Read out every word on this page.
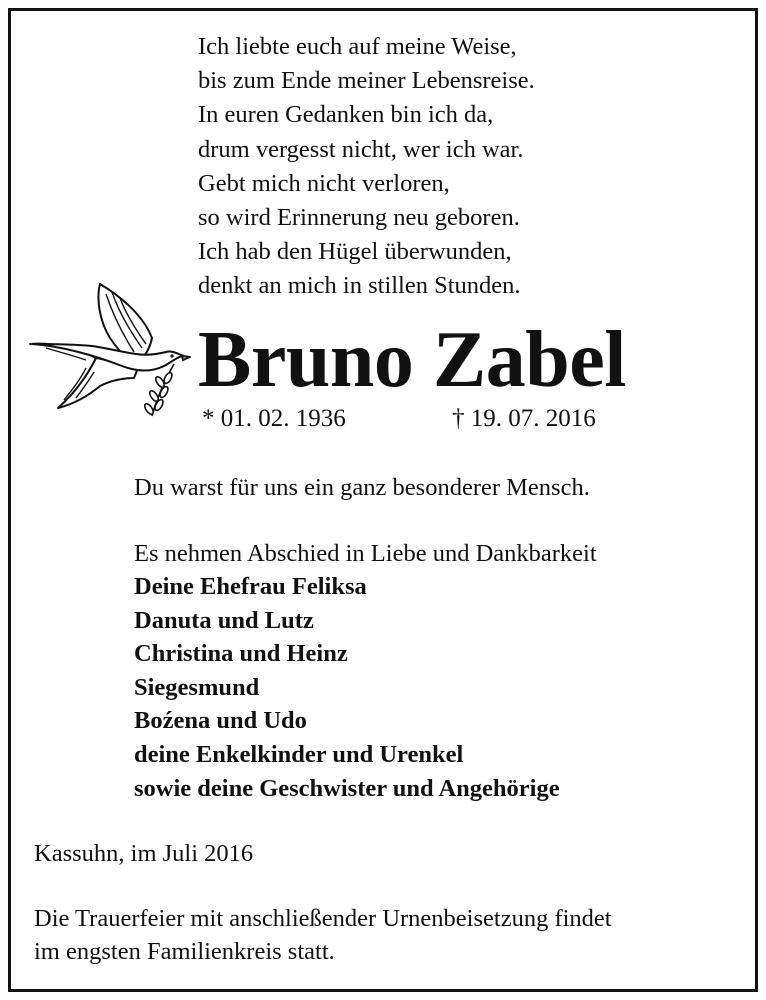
Ich liebte euch auf meine Weise,
bis zum Ende meiner Lebensreise.
In euren Gedanken bin ich da,
drum vergesst nicht, wer ich war.
Gebt mich nicht verloren,
so wird Erinnerung neu geboren.
Ich hab den Hügel überwunden,
denkt an mich in stillen Stunden.
Bruno Zabel
* 01. 02. 1936	† 19. 07. 2016
Du warst für uns ein ganz besonderer Mensch.
Es nehmen Abschied in Liebe und Dankbarkeit
Deine Ehefrau Feliksa
Danuta und Lutz
Christina und Heinz
Siegesmund
Boźena und Udo
deine Enkelkinder und Urenkel
sowie deine Geschwister und Angehörige
Kassuhn, im Juli 2016
Die Trauerfeier mit anschließender Urnenbeisetzung findet
im engsten Familienkreis statt.
